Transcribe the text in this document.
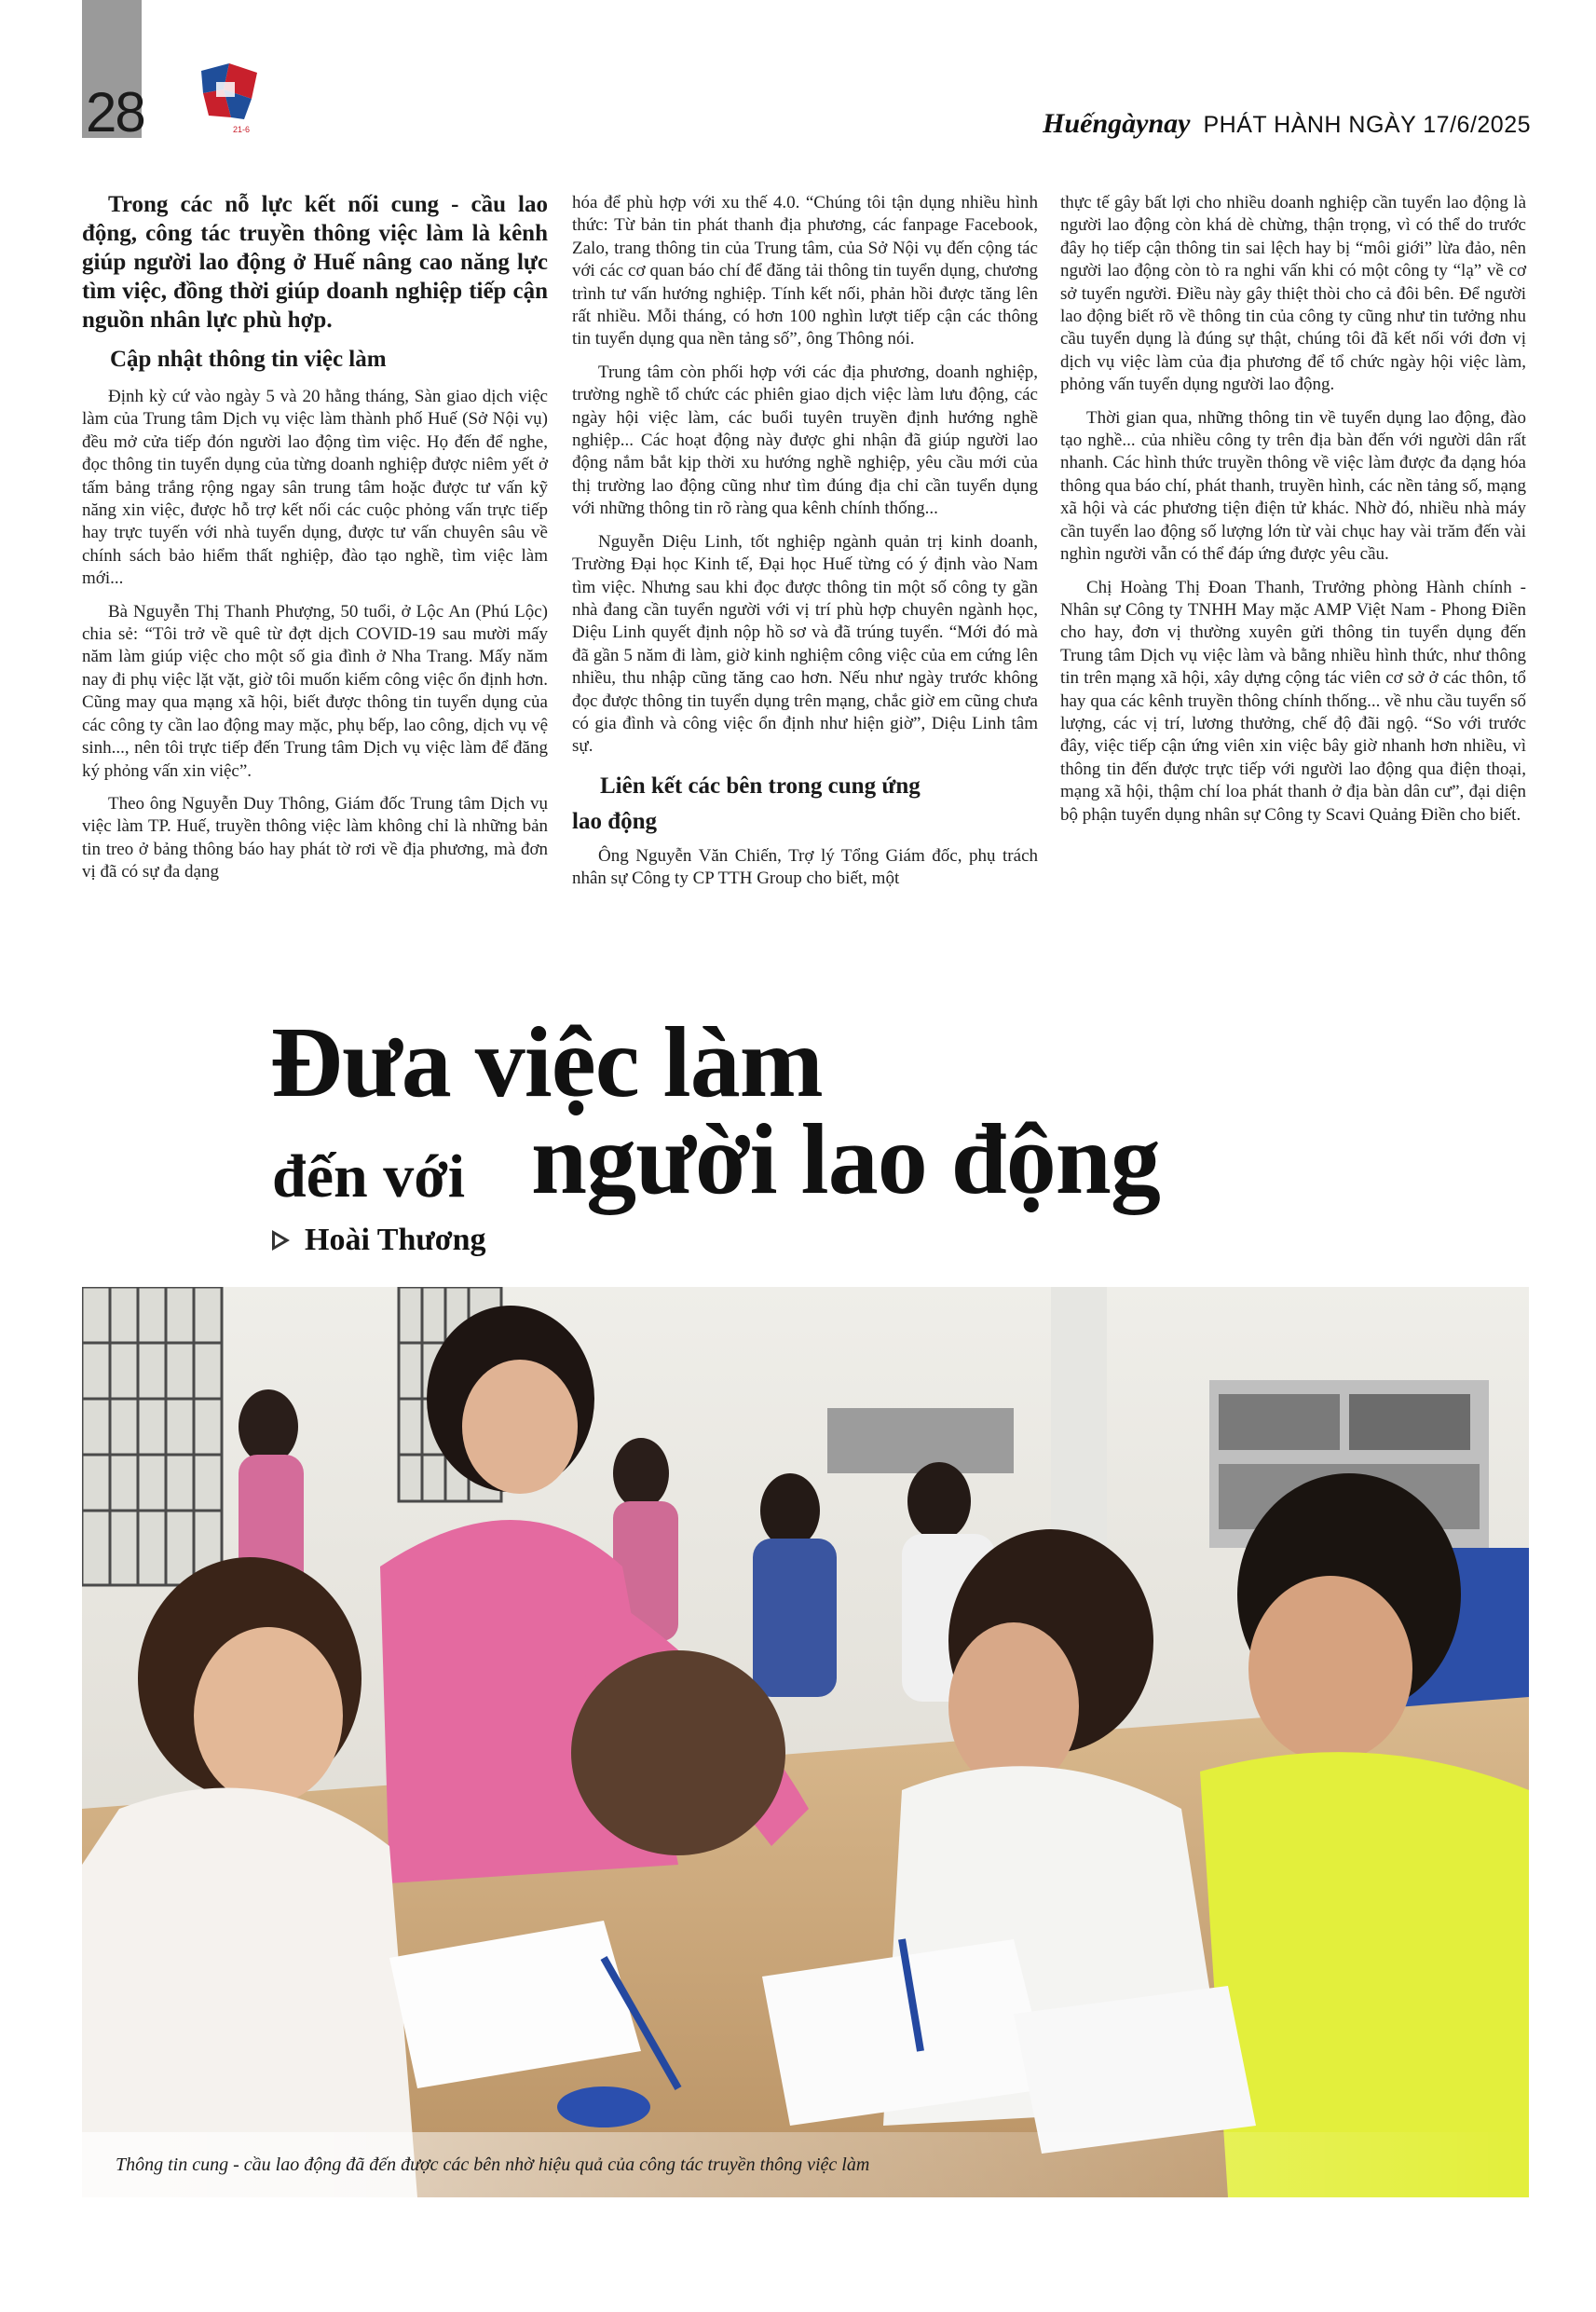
28	21-6	Huếngàynay PHÁT HÀNH NGÀY 17/6/2025

Trong các nỗ lực kết nối cung - cầu lao động, công tác truyền thông việc làm là kênh giúp người lao động ở Huế nâng cao năng lực tìm việc, đồng thời giúp doanh nghiệp tiếp cận nguồn nhân lực phù hợp.

Cập nhật thông tin việc làm

Định kỳ cứ vào ngày 5 và 20 hằng tháng, Sàn giao dịch việc làm của Trung tâm Dịch vụ việc làm thành phố Huế (Sở Nội vụ) đều mở cửa tiếp đón người lao động tìm việc. Họ đến để nghe, đọc thông tin tuyển dụng của từng doanh nghiệp được niêm yết ở tấm bảng trắng rộng ngay sân trung tâm hoặc được tư vấn kỹ năng xin việc, được hỗ trợ kết nối các cuộc phỏng vấn trực tiếp hay trực tuyến với nhà tuyển dụng, được tư vấn chuyên sâu về chính sách bảo hiểm thất nghiệp, đào tạo nghề, tìm việc làm mới...

Bà Nguyễn Thị Thanh Phượng, 50 tuổi, ở Lộc An (Phú Lộc) chia sẻ: “Tôi trở về quê từ đợt dịch COVID-19 sau mười mấy năm làm giúp việc cho một số gia đình ở Nha Trang. Mấy năm nay đi phụ việc lặt vặt, giờ tôi muốn kiếm công việc ổn định hơn. Cũng may qua mạng xã hội, biết được thông tin tuyển dụng của các công ty cần lao động may mặc, phụ bếp, lao công, dịch vụ vệ sinh..., nên tôi trực tiếp đến Trung tâm Dịch vụ việc làm để đăng ký phỏng vấn xin việc”.

Theo ông Nguyễn Duy Thông, Giám đốc Trung tâm Dịch vụ việc làm TP. Huế, truyền thông việc làm không chỉ là những bản tin treo ở bảng thông báo hay phát tờ rơi về địa phương, mà đơn vị đã có sự đa dạng

hóa để phù hợp với xu thế 4.0. “Chúng tôi tận dụng nhiều hình thức: Từ bản tin phát thanh địa phương, các fanpage Facebook, Zalo, trang thông tin của Trung tâm, của Sở Nội vụ đến cộng tác với các cơ quan báo chí để đăng tải thông tin tuyển dụng, chương trình tư vấn hướng nghiệp. Tính kết nối, phản hồi được tăng lên rất nhiều. Mỗi tháng, có hơn 100 nghìn lượt tiếp cận các thông tin tuyển dụng qua nền tảng số”, ông Thông nói.

Trung tâm còn phối hợp với các địa phương, doanh nghiệp, trường nghề tổ chức các phiên giao dịch việc làm lưu động, các ngày hội việc làm, các buổi tuyên truyền định hướng nghề nghiệp... Các hoạt động này được ghi nhận đã giúp người lao động nắm bắt kịp thời xu hướng nghề nghiệp, yêu cầu mới của thị trường lao động cũng như tìm đúng địa chỉ cần tuyển dụng với những thông tin rõ ràng qua kênh chính thống...

Nguyễn Diệu Linh, tốt nghiệp ngành quản trị kinh doanh, Trường Đại học Kinh tế, Đại học Huế từng có ý định vào Nam tìm việc. Nhưng sau khi đọc được thông tin một số công ty gần nhà đang cần tuyển người với vị trí phù hợp chuyên ngành học, Diệu Linh quyết định nộp hồ sơ và đã trúng tuyển. “Mới đó mà đã gần 5 năm đi làm, giờ kinh nghiệm công việc của em cứng lên nhiều, thu nhập cũng tăng cao hơn. Nếu như ngày trước không đọc được thông tin tuyển dụng trên mạng, chắc giờ em cũng chưa có gia đình và công việc ổn định như hiện giờ”, Diệu Linh tâm sự.

Liên kết các bên trong cung ứng
lao động

Ông Nguyễn Văn Chiến, Trợ lý Tổng Giám đốc, phụ trách nhân sự Công ty CP TTH Group cho biết, một

thực tế gây bất lợi cho nhiều doanh nghiệp cần tuyển lao động là người lao động còn khá dè chừng, thận trọng, vì có thể do trước đây họ tiếp cận thông tin sai lệch hay bị “môi giới” lừa đảo, nên người lao động còn tò ra nghi vấn khi có một công ty “lạ” về cơ sở tuyển người. Điều này gây thiệt thòi cho cả đôi bên. Để người lao động biết rõ về thông tin của công ty cũng như tin tưởng nhu cầu tuyển dụng là đúng sự thật, chúng tôi đã kết nối với đơn vị dịch vụ việc làm của địa phương để tổ chức ngày hội việc làm, phỏng vấn tuyển dụng người lao động.

Thời gian qua, những thông tin về tuyển dụng lao động, đào tạo nghề... của nhiều công ty trên địa bàn đến với người dân rất nhanh. Các hình thức truyền thông về việc làm được đa dạng hóa thông qua báo chí, phát thanh, truyền hình, các nền tảng số, mạng xã hội và các phương tiện điện tử khác. Nhờ đó, nhiều nhà máy cần tuyển lao động số lượng lớn từ vài chục hay vài trăm đến vài nghìn người vẫn có thể đáp ứng được yêu cầu.

Chị Hoàng Thị Đoan Thanh, Trưởng phòng Hành chính - Nhân sự Công ty TNHH May mặc AMP Việt Nam - Phong Điền cho hay, đơn vị thường xuyên gửi thông tin tuyển dụng đến Trung tâm Dịch vụ việc làm và bằng nhiều hình thức, như thông tin trên mạng xã hội, xây dựng cộng tác viên cơ sở ở các thôn, tổ hay qua các kênh truyền thông chính thống... về nhu cầu tuyển số lượng, các vị trí, lương thưởng, chế độ đãi ngộ. “So với trước đây, việc tiếp cận ứng viên xin việc bây giờ nhanh hơn nhiều, vì thông tin đến được trực tiếp với người lao động qua điện thoại, mạng xã hội, thậm chí loa phát thanh ở địa bàn dân cư”, đại diện bộ phận tuyển dụng nhân sự Công ty Scavi Quảng Điền cho biết.

Đưa việc làm
đến với người lao động
Hoài Thương
Thông tin cung - cầu lao động đã đến được các bên nhờ hiệu quả của công tác truyền thông việc làm
